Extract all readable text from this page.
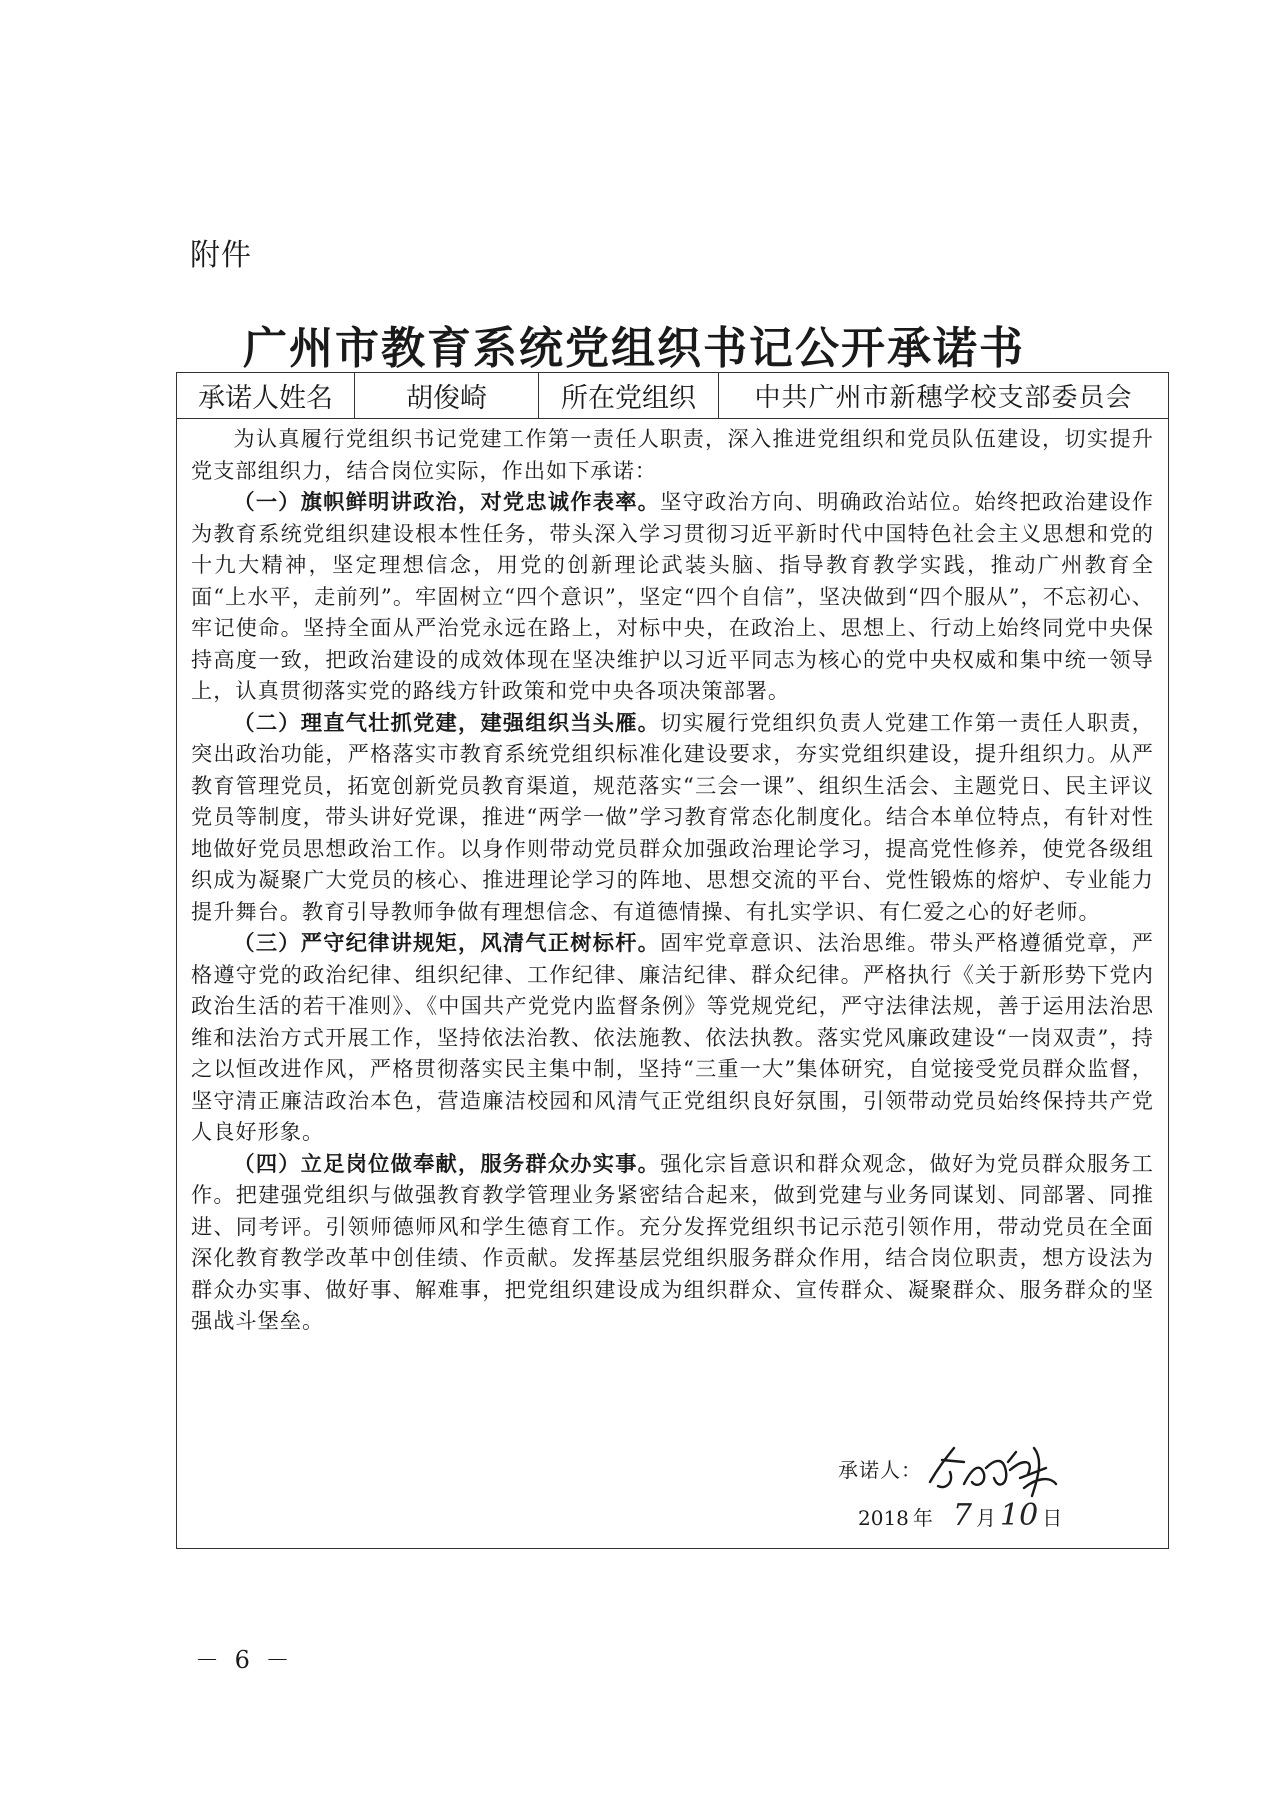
附件
广州市教育系统党组织书记公开承诺书
承诺人姓名	胡俊崎	所在党组织	中共广州市新穗学校支部委员会

为认真履行党组织书记党建工作第一责任人职责，深入推进党组织和党员队伍建设，切实提升党支部组织力，结合岗位实际，作出如下承诺：

（一）旗帜鲜明讲政治，对党忠诚作表率。坚守政治方向、明确政治站位。始终把政治建设作为教育系统党组织建设根本性任务，带头深入学习贯彻习近平新时代中国特色社会主义思想和党的十九大精神，坚定理想信念，用党的创新理论武装头脑、指导教育教学实践，推动广州教育全面“上水平，走前列”。牢固树立“四个意识”，坚定“四个自信”，坚决做到“四个服从”，不忘初心、牢记使命。坚持全面从严治党永远在路上，对标中央，在政治上、思想上、行动上始终同党中央保持高度一致，把政治建设的成效体现在坚决维护以习近平同志为核心的党中央权威和集中统一领导上，认真贯彻落实党的路线方针政策和党中央各项决策部署。

（二）理直气壮抓党建，建强组织当头雁。切实履行党组织负责人党建工作第一责任人职责，突出政治功能，严格落实市教育系统党组织标准化建设要求，夯实党组织建设，提升组织力。从严教育管理党员，拓宽创新党员教育渠道，规范落实“三会一课”、组织生活会、主题党日、民主评议党员等制度，带头讲好党课，推进“两学一做”学习教育常态化制度化。结合本单位特点，有针对性地做好党员思想政治工作。以身作则带动党员群众加强政治理论学习，提高党性修养，使党各级组织成为凝聚广大党员的核心、推进理论学习的阵地、思想交流的平台、党性锻炼的熔炉、专业能力提升舞台。教育引导教师争做有理想信念、有道德情操、有扎实学识、有仁爱之心的好老师。

（三）严守纪律讲规矩，风清气正树标杆。固牢党章意识、法治思维。带头严格遵循党章，严格遵守党的政治纪律、组织纪律、工作纪律、廉洁纪律、群众纪律。严格执行《关于新形势下党内政治生活的若干准则》、《中国共产党党内监督条例》等党规党纪，严守法律法规，善于运用法治思维和法治方式开展工作，坚持依法治教、依法施教、依法执教。落实党风廉政建设“一岗双责”，持之以恒改进作风，严格贯彻落实民主集中制，坚持“三重一大”集体研究，自觉接受党员群众监督，坚守清正廉洁政治本色，营造廉洁校园和风清气正党组织良好氛围，引领带动党员始终保持共产党人良好形象。

（四）立足岗位做奉献，服务群众办实事。强化宗旨意识和群众观念，做好为党员群众服务工作。把建强党组织与做强教育教学管理业务紧密结合起来，做到党建与业务同谋划、同部署、同推进、同考评。引领师德师风和学生德育工作。充分发挥党组织书记示范引领作用，带动党员在全面深化教育教学改革中创佳绩、作贡献。发挥基层党组织服务群众作用，结合岗位职责，想方设法为群众办实事、做好事、解难事，把党组织建设成为组织群众、宣传群众、凝聚群众、服务群众的坚强战斗堡垒。

承诺人：
2018 年 7 月 10 日
－ 6 －
